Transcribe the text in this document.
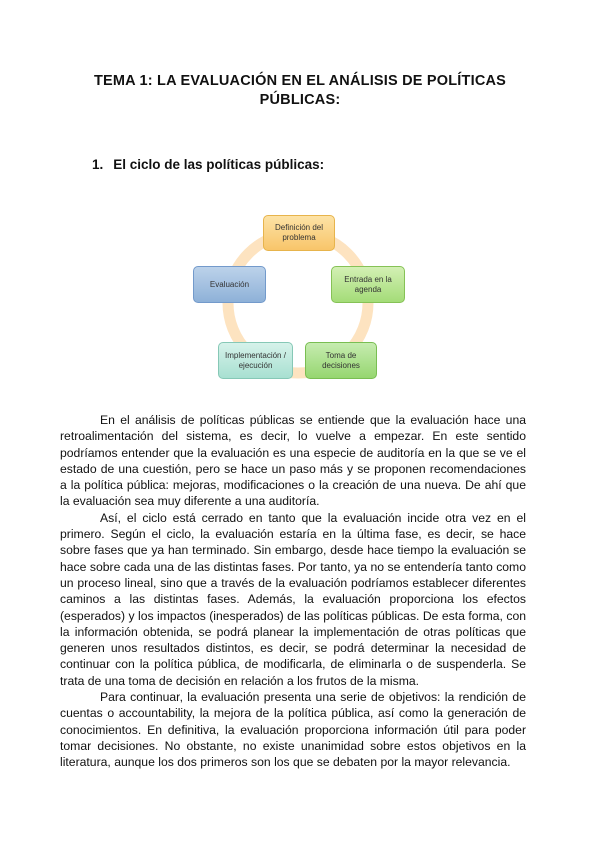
TEMA 1: LA EVALUACIÓN EN EL ANÁLISIS DE POLÍTICAS PÚBLICAS:
1. El ciclo de las políticas públicas:
Definición del problema
Entrada en la agenda
Toma de decisiones
Implementación / ejecución
Evaluación

En el análisis de políticas públicas se entiende que la evaluación hace una retroalimentación del sistema, es decir, lo vuelve a empezar. En este sentido podríamos entender que la evaluación es una especie de auditoría en la que se ve el estado de una cuestión, pero se hace un paso más y se proponen recomendaciones a la política pública: mejoras, modificaciones o la creación de una nueva. De ahí que la evaluación sea muy diferente a una auditoría.

Así, el ciclo está cerrado en tanto que la evaluación incide otra vez en el primero. Según el ciclo, la evaluación estaría en la última fase, es decir, se hace sobre fases que ya han terminado. Sin embargo, desde hace tiempo la evaluación se hace sobre cada una de las distintas fases. Por tanto, ya no se entendería tanto como un proceso lineal, sino que a través de la evaluación podríamos establecer diferentes caminos a las distintas fases. Además, la evaluación proporciona los efectos (esperados) y los impactos (inesperados) de las políticas públicas. De esta forma, con la información obtenida, se podrá planear la implementación de otras políticas que generen unos resultados distintos, es decir, se podrá determinar la necesidad de continuar con la política pública, de modificarla, de eliminarla o de suspenderla. Se trata de una toma de decisión en relación a los frutos de la misma.

Para continuar, la evaluación presenta una serie de objetivos: la rendición de cuentas o accountability, la mejora de la política pública, así como la generación de conocimientos. En definitiva, la evaluación proporciona información útil para poder tomar decisiones. No obstante, no existe unanimidad sobre estos objetivos en la literatura, aunque los dos primeros son los que se debaten por la mayor relevancia.
